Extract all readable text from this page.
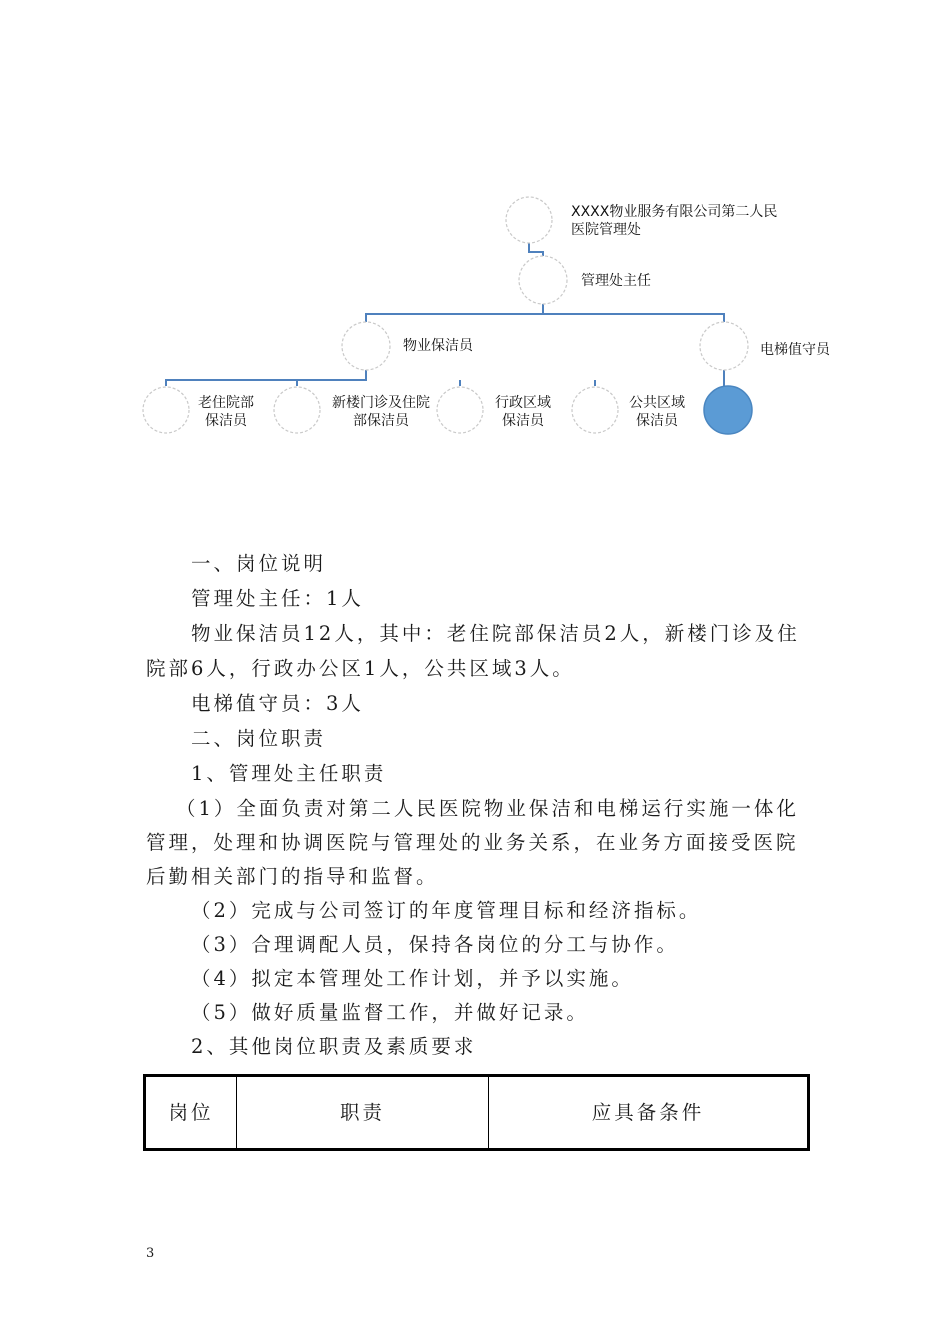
XXXX物业服务有限公司第二人民医院管理处
管理处主任
物业保洁员	电梯值守员
老住院部
保洁员
新楼门诊及住院
部保洁员
行政区域
保洁员
公共区域
保洁员

一、岗位说明

管理处主任：1人

物业保洁员12人，其中：老住院部保洁员2人，新楼门诊及住院部6人，行政办公区1人，公共区域3人。

电梯值守员：3人

二、岗位职责

1、管理处主任职责

（1）全面负责对第二人民医院物业保洁和电梯运行实施一体化管理，处理和协调医院与管理处的业务关系，在业务方面接受医院后勤相关部门的指导和监督。

（2）完成与公司签订的年度管理目标和经济指标。

（3）合理调配人员，保持各岗位的分工与协作。

（4）拟定本管理处工作计划，并予以实施。

（5）做好质量监督工作，并做好记录。

2、其他岗位职责及素质要求

岗位	职责	应具备条件
3
